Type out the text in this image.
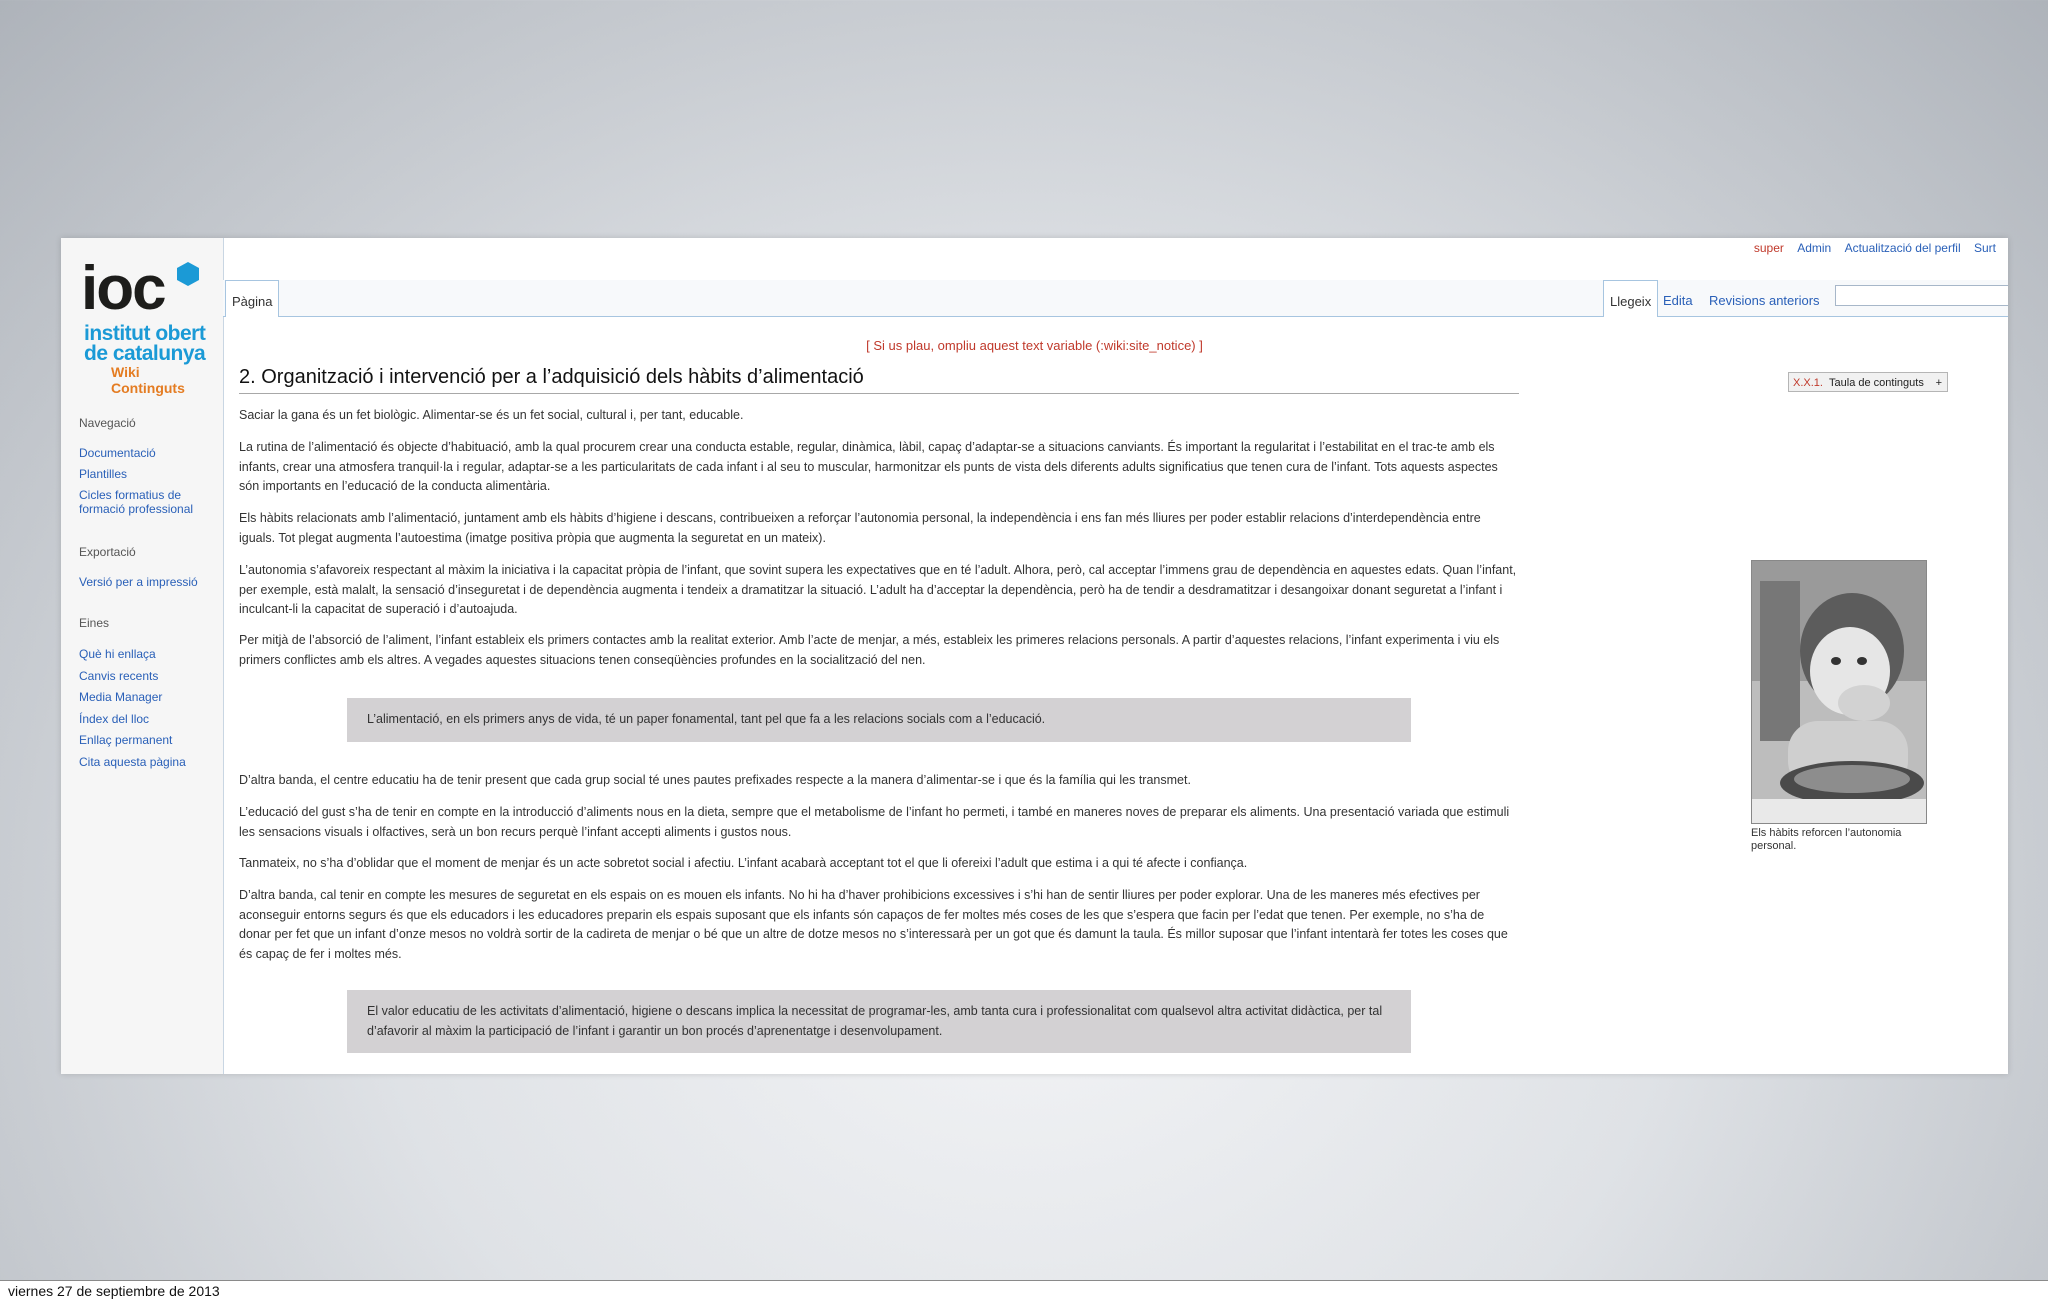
ioc
institut obert
de catalunya
Wiki Continguts
Navegació
Documentació
Plantilles
Cicles formatius de formació professional
Exportació
Versió per a impressió
Eines
Què hi enllaça
Canvis recents
Media Manager
Índex del lloc
Enllaç permanent
Cita aquesta pàgina
super Admin Actualització del perfil Surt
Pàgina	Llegeix Edita	Revisions anteriors
[ Si us plau, ompliu aquest text variable (:wiki:site_notice) ]
2. Organització i intervenció per a l’adquisició dels hàbits d’alimentació	X.X.1. Taula de continguts +

Saciar la gana és un fet biològic. Alimentar-se és un fet social, cultural i, per tant, educable.

La rutina de l’alimentació és objecte d’habituació, amb la qual procurem crear una conducta estable, regular, dinàmica, làbil, capaç d’adaptar-se a situacions canviants. És important la regularitat i l’estabilitat en el trac-te amb els infants, crear una atmosfera tranquil·la i regular, adaptar-se a les particularitats de cada infant i al seu to muscular, harmonitzar els punts de vista dels diferents adults significatius que tenen cura de l’infant. Tots aquests aspectes són importants en l’educació de la conducta alimentària.

Els hàbits relacionats amb l’alimentació, juntament amb els hàbits d’higiene i descans, contribueixen a reforçar l’autonomia personal, la independència i ens fan més lliures per poder establir relacions d’interdependència entre iguals. Tot plegat augmenta l’autoestima (imatge positiva pròpia que augmenta la seguretat en un mateix).

L’autonomia s’afavoreix respectant al màxim la iniciativa i la capacitat pròpia de l’infant, que sovint supera les expectatives que en té l’adult. Alhora, però, cal acceptar l’immens grau de dependència en aquestes edats. Quan l’infant, per exemple, està malalt, la sensació d’inseguretat i de dependència augmenta i tendeix a dramatitzar la situació. L’adult ha d’acceptar la dependència, però ha de tendir a desdramatitzar i desangoixar donant seguretat a l’infant i inculcant-li la capacitat de superació i d’autoajuda.

Per mitjà de l’absorció de l’aliment, l’infant estableix els primers contactes amb la realitat exterior. Amb l’acte de menjar, a més, estableix les primeres relacions personals. A partir d’aquestes relacions, l’infant experimenta i viu els primers conflictes amb els altres. A vegades aquestes situacions tenen conseqüències profundes en la socialització del nen.

L’alimentació, en els primers anys de vida, té un paper fonamental, tant pel que fa a les relacions socials com a l’educació.

D’altra banda, el centre educatiu ha de tenir present que cada grup social té unes pautes prefixades respecte a la manera d’alimentar-se i que és la família qui les transmet.

L’educació del gust s’ha de tenir en compte en la introducció d’aliments nous en la dieta, sempre que el metabolisme de l’infant ho permeti, i també en maneres noves de preparar els aliments. Una presentació variada que estimuli les sensacions visuals i olfactives, serà un bon recurs perquè l’infant accepti aliments i gustos nous.

Tanmateix, no s’ha d’oblidar que el moment de menjar és un acte sobretot social i afectiu. L’infant acabarà acceptant tot el que li ofereixi l’adult que estima i a qui té afecte i confiança.

D’altra banda, cal tenir en compte les mesures de seguretat en els espais on es mouen els infants. No hi ha d’haver prohibicions excessives i s’hi han de sentir lliures per poder explorar. Una de les maneres més efectives per aconseguir entorns segurs és que els educadors i les educadores preparin els espais suposant que els infants són capaços de fer moltes més coses de les que s’espera que facin per l’edat que tenen. Per exemple, no s’ha de donar per fet que un infant d’onze mesos no voldrà sortir de la cadireta de menjar o bé que un altre de dotze mesos no s’interessarà per un got que és damunt la taula. És millor suposar que l’infant intentarà fer totes les coses que és capaç de fer i moltes més.

El valor educatiu de les activitats d’alimentació, higiene o descans implica la necessitat de programar-les, amb tanta cura i professionalitat com qualsevol altra activitat didàctica, per tal d’afavorir al màxim la participació de l’infant i garantir un bon procés d’aprenentatge i desenvolupament.
Els hàbits reforcen l’autonomia personal.
viernes 27 de septiembre de 2013
